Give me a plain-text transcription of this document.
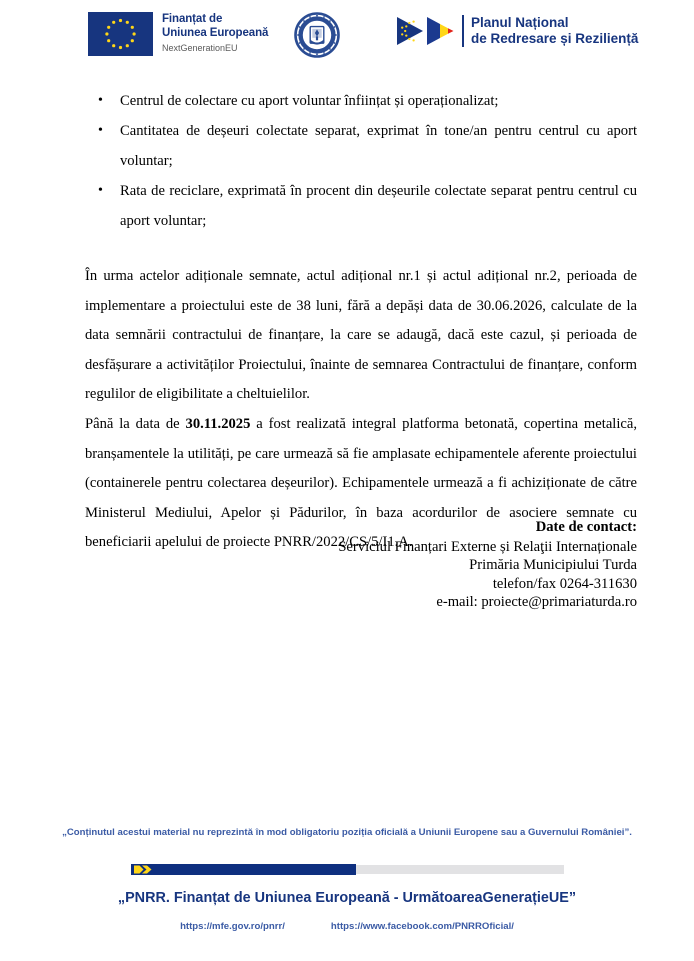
Finanțat de
Uniunea Europeană
NextGenerationEU
Planul Național
de Redresare și Reziliență
• Centrul de colectare cu aport voluntar înființat și operaționalizat;
• Cantitatea de deșeuri colectate separat, exprimat în tone/an pentru centrul cu aport voluntar;
• Rata de reciclare, exprimată în procent din deșeurile colectate separat pentru centrul cu aport voluntar;

În urma actelor adiționale semnate, actul adițional nr.1 și actul adițional nr.2, perioada de implementare a proiectului este de 38 luni, fără a depăși data de 30.06.2026, calculate de la data semnării contractului de finanțare, la care se adaugă, dacă este cazul, și perioada de desfășurare a activităților Proiectului, înainte de semnarea Contractului de finanțare, conform regulilor de eligibilitate a cheltuielilor.

Până la data de 30.11.2025 a fost realizată integral platforma betonată, copertina metalică, branșamentele la utilități, pe care urmează să fie amplasate echipamentele aferente proiectului (containerele pentru colectarea deșeurilor). Echipamentele urmează a fi achiziționate de către Ministerul Mediului, Apelor și Pădurilor, în baza acordurilor de asociere semnate cu beneficiarii apelului de proiecte PNRR/2022/CS/5/I1.A.

Date de contact:
Serviciul Finanțari Externe și Relaţii Internaționale
Primăria Municipiului Turda
telefon/fax 0264-311630
e-mail: proiecte@primariaturda.ro
„Conținutul acestui material nu reprezintă în mod obligatoriu poziția oficială a Uniunii Europene sau a Guvernului României”.
„PNRR. Finanțat de Uniunea Europeană - UrmătoareaGenerațieUE”
https://mfe.gov.ro/pnrr/	https://www.facebook.com/PNRROficial/
